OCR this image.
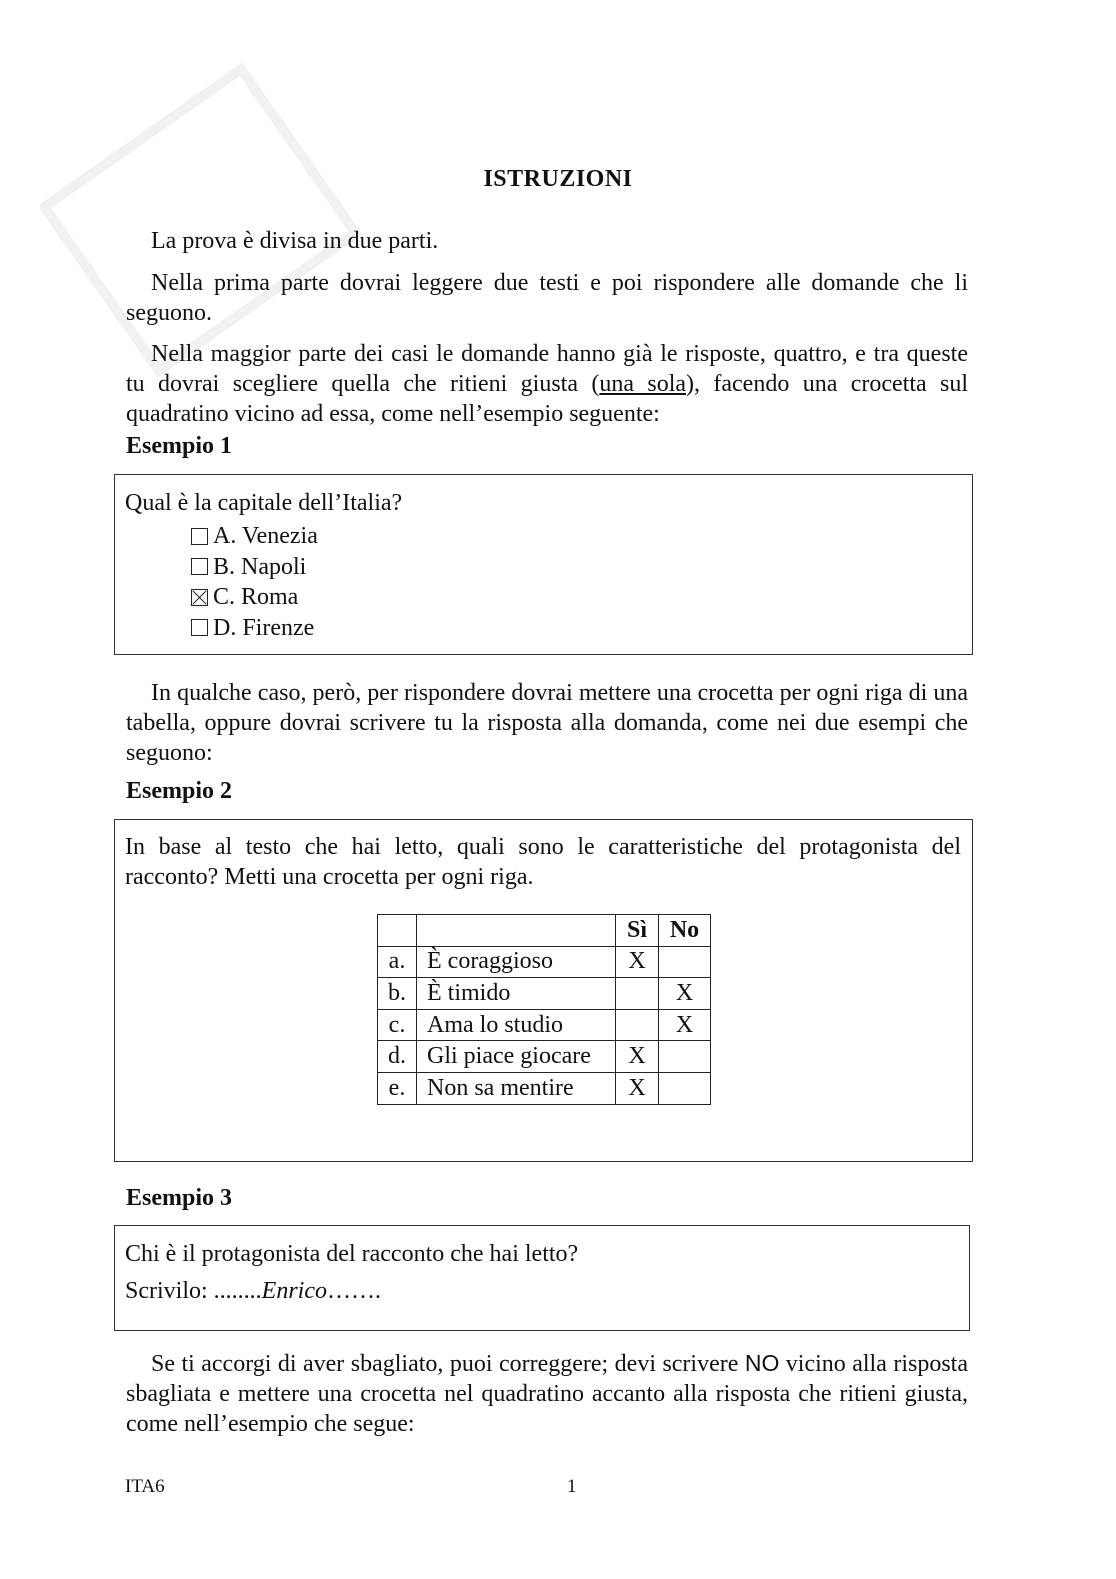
ISTRUZIONI
La prova è divisa in due parti.
Nella prima parte dovrai leggere due testi e poi rispondere alle domande che li seguono.
Nella maggior parte dei casi le domande hanno già le risposte, quattro, e tra queste tu dovrai scegliere quella che ritieni giusta (una sola), facendo una crocetta sul quadratino vicino ad essa, come nell’esempio seguente:
Esempio 1
Qual è la capitale dell’Italia?
A. Venezia
B. Napoli
C. Roma
D. Firenze
In qualche caso, però, per rispondere dovrai mettere una crocetta per ogni riga di una tabella, oppure dovrai scrivere tu la risposta alla domanda, come nei due esempi che seguono:
Esempio 2
In base al testo che hai letto, quali sono le caratteristiche del protagonista del racconto? Metti una crocetta per ogni riga.
		Sì	No
a.	È coraggioso	X	
b.	È timido		X
c.	Ama lo studio		X
d.	Gli piace giocare	X	
e.	Non sa mentire	X	
Esempio 3
Chi è il protagonista del racconto che hai letto?
Scrivilo: ........Enrico…….
Se ti accorgi di aver sbagliato, puoi correggere; devi scrivere NO vicino alla risposta sbagliata e mettere una crocetta nel quadratino accanto alla risposta che ritieni giusta, come nell’esempio che segue:
ITA6	1
